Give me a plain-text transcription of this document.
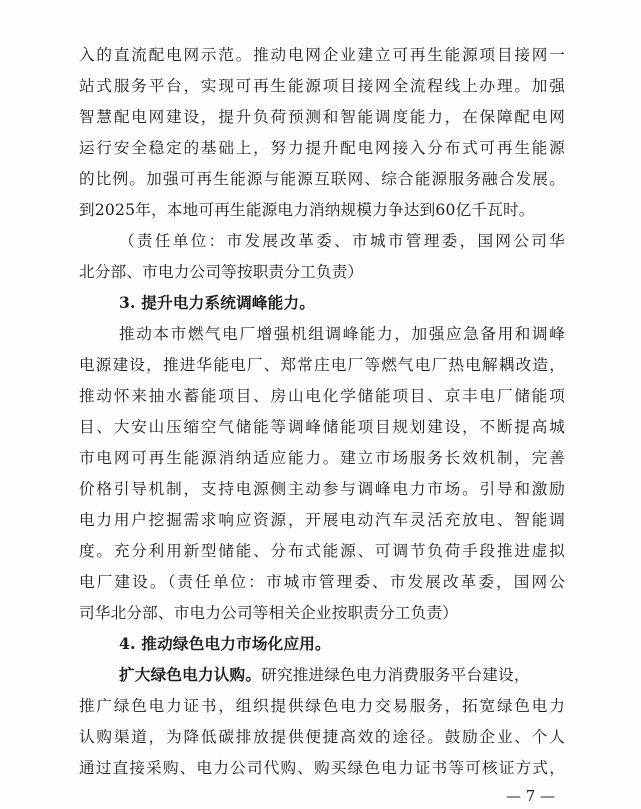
入的直流配电网示范。推动电网企业建立可再生能源项目接网一
站式服务平台，实现可再生能源项目接网全流程线上办理。加强
智慧配电网建设，提升负荷预测和智能调度能力，在保障配电网
运行安全稳定的基础上，努力提升配电网接入分布式可再生能源
的比例。加强可再生能源与能源互联网、综合能源服务融合发展。
到2025年，本地可再生能源电力消纳规模力争达到60亿千瓦时。
（责任单位：市发展改革委、市城市管理委，国网公司华
北分部、市电力公司等按职责分工负责）
3. 提升电力系统调峰能力。
推动本市燃气电厂增强机组调峰能力，加强应急备用和调峰
电源建设，推进华能电厂、郑常庄电厂等燃气电厂热电解耦改造，
推动怀来抽水蓄能项目、房山电化学储能项目、京丰电厂储能项
目、大安山压缩空气储能等调峰储能项目规划建设，不断提高城
市电网可再生能源消纳适应能力。建立市场服务长效机制，完善
价格引导机制，支持电源侧主动参与调峰电力市场。引导和激励
电力用户挖掘需求响应资源，开展电动汽车灵活充放电、智能调
度。充分利用新型储能、分布式能源、可调节负荷手段推进虚拟
电厂建设。（责任单位：市城市管理委、市发展改革委，国网公
司华北分部、市电力公司等相关企业按职责分工负责）
4. 推动绿色电力市场化应用。
扩大绿色电力认购。研究推进绿色电力消费服务平台建设，
推广绿色电力证书，组织提供绿色电力交易服务，拓宽绿色电力
认购渠道，为降低碳排放提供便捷高效的途径。鼓励企业、个人
通过直接采购、电力公司代购、购买绿色电力证书等可核证方式，
— 7 —
